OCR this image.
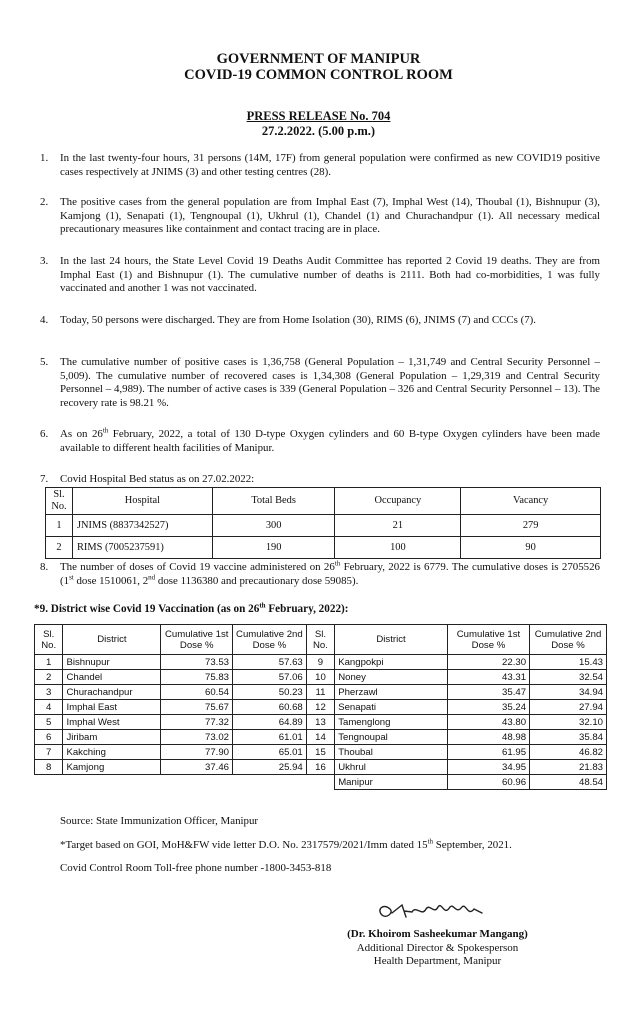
GOVERNMENT OF MANIPUR
COVID-19 COMMON CONTROL ROOM
PRESS RELEASE No. 704
27.2.2022. (5.00 p.m.)
1. In the last twenty-four hours, 31 persons (14M, 17F) from general population were confirmed as new COVID19 positive cases respectively at JNIMS (3) and other testing centres (28).
2. The positive cases from the general population are from Imphal East (7), Imphal West (14), Thoubal (1), Bishnupur (3), Kamjong (1), Senapati (1), Tengnoupal (1), Ukhrul (1), Chandel (1) and Churachandpur (1). All necessary medical precautionary measures like containment and contact tracing are in place.
3. In the last 24 hours, the State Level Covid 19 Deaths Audit Committee has reported 2 Covid 19 deaths. They are from Imphal East (1) and Bishnupur (1). The cumulative number of deaths is 2111. Both had co-morbidities, 1 was fully vaccinated and another 1 was not vaccinated.
4. Today, 50 persons were discharged. They are from Home Isolation (30), RIMS (6), JNIMS (7) and CCCs (7).
5. The cumulative number of positive cases is 1,36,758 (General Population – 1,31,749 and Central Security Personnel – 5,009). The cumulative number of recovered cases is 1,34,308 (General Population – 1,29,319 and Central Security Personnel – 4,989). The number of active cases is 339 (General Population – 326 and Central Security Personnel – 13). The recovery rate is 98.21 %.
6. As on 26th February, 2022, a total of 130 D-type Oxygen cylinders and 60 B-type Oxygen cylinders have been made available to different health facilities of Manipur.
7. Covid Hospital Bed status as on 27.02.2022:
Sl. No.	Hospital	Total Beds	Occupancy	Vacancy
1	JNIMS (8837342527)	300	21	279
2	RIMS (7005237591)	190	100	90
8. The number of doses of Covid 19 vaccine administered on 26th February, 2022 is 6779. The cumulative doses is 2705526 (1st dose 1510061, 2nd dose 1136380 and precautionary dose 59085).
*9. District wise Covid 19 Vaccination (as on 26th February, 2022):
Sl. No.	District	Cumulative 1st Dose %	Cumulative 2nd Dose %	Sl. No.	District	Cumulative 1st Dose %	Cumulative 2nd Dose %
1	Bishnupur	73.53	57.63	9	Kangpokpi	22.30	15.43
2	Chandel	75.83	57.06	10	Noney	43.31	32.54
3	Churachandpur	60.54	50.23	11	Pherzawl	35.47	34.94
4	Imphal East	75.67	60.68	12	Senapati	35.24	27.94
5	Imphal West	77.32	64.89	13	Tamenglong	43.80	32.10
6	Jiribam	73.02	61.01	14	Tengnoupal	48.98	35.84
7	Kakching	77.90	65.01	15	Thoubal	61.95	46.82
8	Kamjong	37.46	25.94	16	Ukhrul	34.95	21.83
					Manipur	60.96	48.54
Source: State Immunization Officer, Manipur
*Target based on GOI, MoH&FW vide letter D.O. No. 2317579/2021/Imm dated 15th September, 2021.
Covid Control Room Toll-free phone number -1800-3453-818
(Dr. Khoirom Sasheekumar Mangang)
Additional Director & Spokesperson
Health Department, Manipur
